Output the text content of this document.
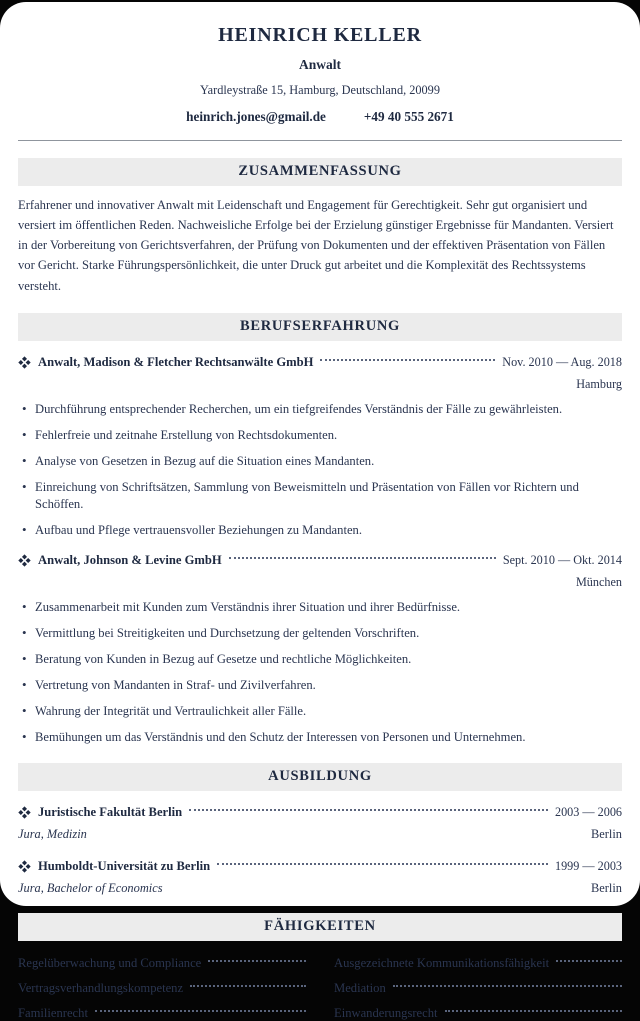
HEINRICH KELLER
Anwalt
Yardleystraße 15, Hamburg, Deutschland, 20099
heinrich.jones@gmail.de	+49 40 555 2671
ZUSAMMENFASSUNG

Erfahrener und innovativer Anwalt mit Leidenschaft und Engagement für Gerechtigkeit. Sehr gut organisiert und versiert im öffentlichen Reden. Nachweisliche Erfolge bei der Erzielung günstiger Ergebnisse für Mandanten. Versiert in der Vorbereitung von Gerichtsverfahren, der Prüfung von Dokumenten und der effektiven Präsentation von Fällen vor Gericht. Starke Führungspersönlichkeit, die unter Druck gut arbeitet und die Komplexität des Rechtssystems versteht.

BERUFSERFAHRUNG
Anwalt, Madison & Fletcher Rechtsanwälte GmbH	Nov. 2010 — Aug. 2018
Hamburg
• Durchführung entsprechender Recherchen, um ein tiefgreifendes Verständnis der Fälle zu gewährleisten.
• Fehlerfreie und zeitnahe Erstellung von Rechtsdokumenten.
• Analyse von Gesetzen in Bezug auf die Situation eines Mandanten.
• Einreichung von Schriftsätzen, Sammlung von Beweismitteln und Präsentation von Fällen vor Richtern und Schöffen.
• Aufbau und Pflege vertrauensvoller Beziehungen zu Mandanten.
Anwalt, Johnson & Levine GmbH	Sept. 2010 — Okt. 2014
München
• Zusammenarbeit mit Kunden zum Verständnis ihrer Situation und ihrer Bedürfnisse.
• Vermittlung bei Streitigkeiten und Durchsetzung der geltenden Vorschriften.
• Beratung von Kunden in Bezug auf Gesetze und rechtliche Möglichkeiten.
• Vertretung von Mandanten in Straf- und Zivilverfahren.
• Wahrung der Integrität und Vertraulichkeit aller Fälle.
• Bemühungen um das Verständnis und den Schutz der Interessen von Personen und Unternehmen.
AUSBILDUNG
Juristische Fakultät Berlin	2003 — 2006
Jura, Medizin	Berlin
Humboldt-Universität zu Berlin	1999 — 2003
Jura, Bachelor of Economics	Berlin
FÄHIGKEITEN
Regelüberwachung und Compliance	Ausgezeichnete Kommunikationsfähigkeit
Vertragsverhandlungskompetenz	Mediation
Familienrecht	Einwanderungsrecht
